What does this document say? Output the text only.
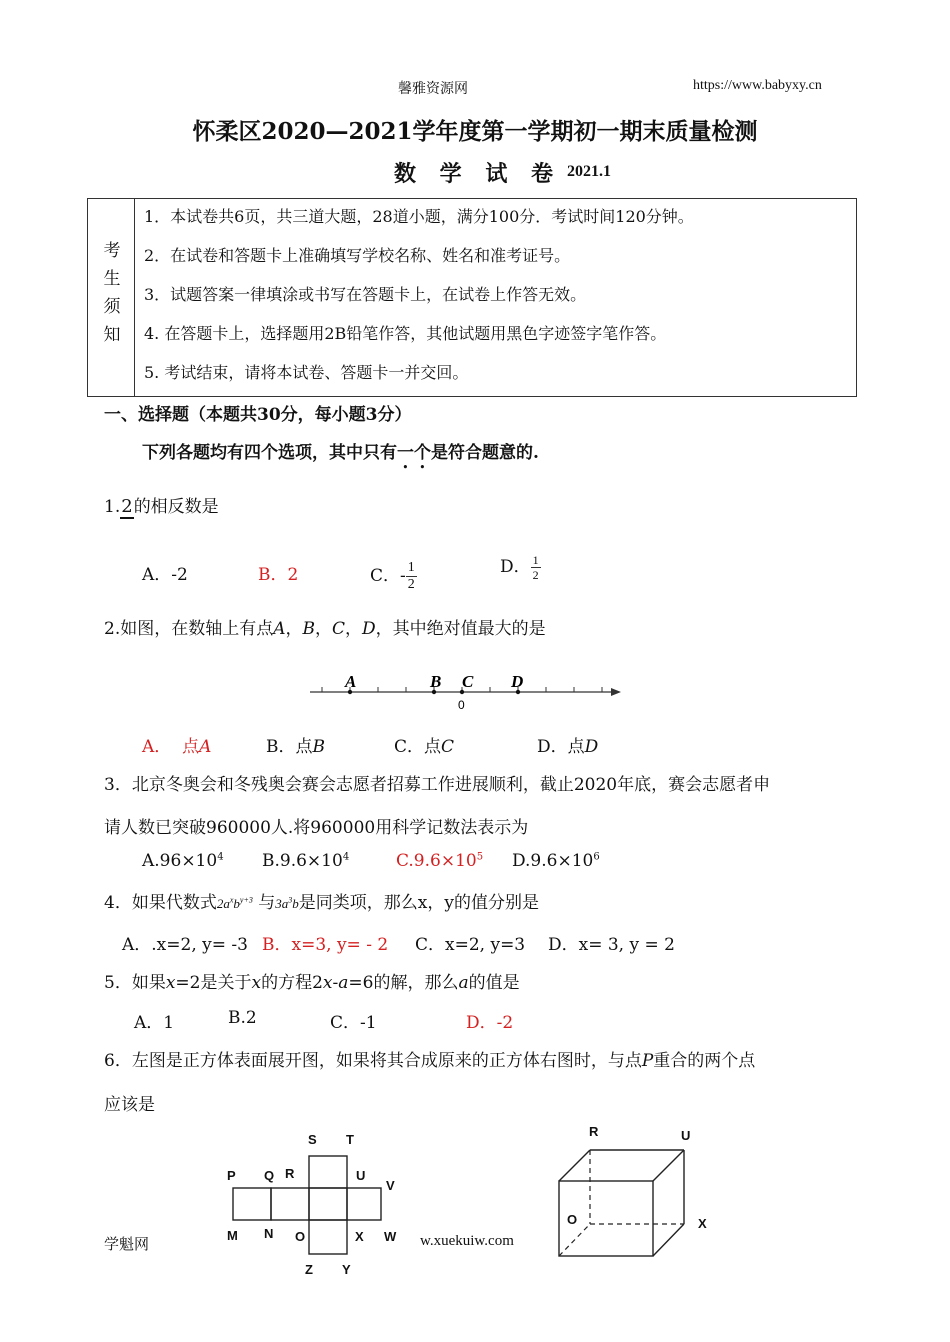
馨雅资源网	https://www.babyxy.cn
怀柔区2020—2021学年度第一学期初一期末质量检测
数 学 试 卷 2021.1
考
生
须
知
1．本试卷共6页，共三道大题，28道小题，满分100分．考试时间120分钟。
2．在试卷和答题卡上准确填写学校名称、姓名和准考证号。
3．试题答案一律填涂或书写在答题卡上，在试卷上作答无效。
4. 在答题卡上，选择题用2B铅笔作答，其他试题用黑色字迹签字笔作答。
5. 考试结束，请将本试卷、答题卡一并交回。
一、选择题（本题共30分，每小题3分）
下列各题均有四个选项，其中只有一个是符合题意的.
1.2的相反数是
A．-2	B．2	C．- $\frac{1}{2}$	D． $\frac{1}{2}$
2.如图，在数轴上有点A，B，C，D，其中绝对值最大的是
A	B C D
0
A． 点A	B．点B	C．点C	D．点D
3．北京冬奥会和冬残奥会赛会志愿者招募工作进展顺利，截止2020年底，赛会志愿者申
请人数已突破960000人.将960000用科学记数法表示为
$A.96\times 10^4$ $B.9.6\times 10^4$	$C.9.6\times 10^5$ $D.9.6\times 10^6$
4．如果代数式$2a^xb^{y+3}$ 与$3a^3b$是同类项，那么x，y的值分别是
A．.x=2, y= -3 B．x=3, y= - 2 C．x=2, y=3 D．x= 3, y = 2
5．如果x=2是关于x的方程2x-a=6的解，那么a的值是
A．1	B.2	C．-1	D．-2
6．左图是正方体表面展开图，如果将其合成原来的正方体右图时，与点P重合的两个点
应该是
S T
P Q R	U
V
M N O	X W
Z Y
R	U
O	X
学魁网	w.xuekuiw.com
